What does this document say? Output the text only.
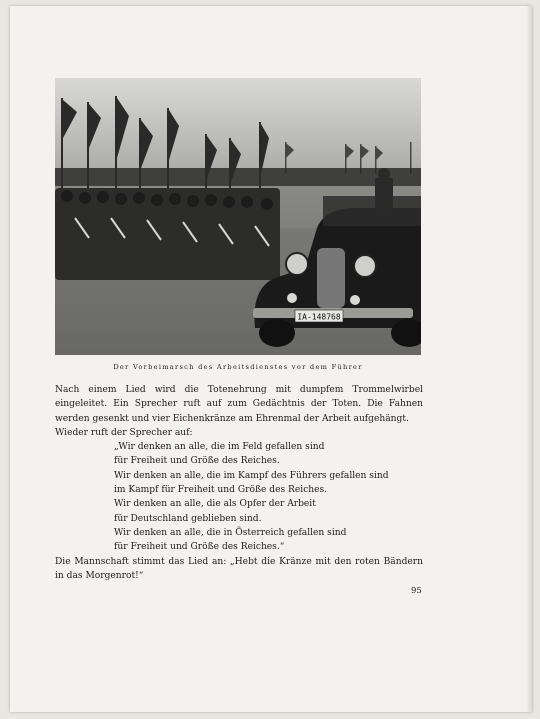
IA-148768
Der Vorbeimarsch des Arbeitsdienstes vor dem Führer

Nach einem Lied wird die Totenehrung mit dumpfem Trommelwirbel eingeleitet. Ein Sprecher ruft auf zum Gedächtnis der Toten. Die Fahnen werden gesenkt und vier Eichenkränze am Ehrenmal der Arbeit aufgehängt.

Wieder ruft der Sprecher auf:

„Wir denken an alle, die im Feld gefallen sind
für Freiheit und Größe des Reiches.
Wir denken an alle, die im Kampf des Führers gefallen sind
im Kampf für Freiheit und Größe des Reiches.
Wir denken an alle, die als Opfer der Arbeit
für Deutschland geblieben sind.
Wir denken an alle, die in Österreich gefallen sind
für Freiheit und Größe des Reiches.“

Die Mannschaft stimmt das Lied an: „Hebt die Kränze mit den roten Bändern in das Morgenrot!“

95
